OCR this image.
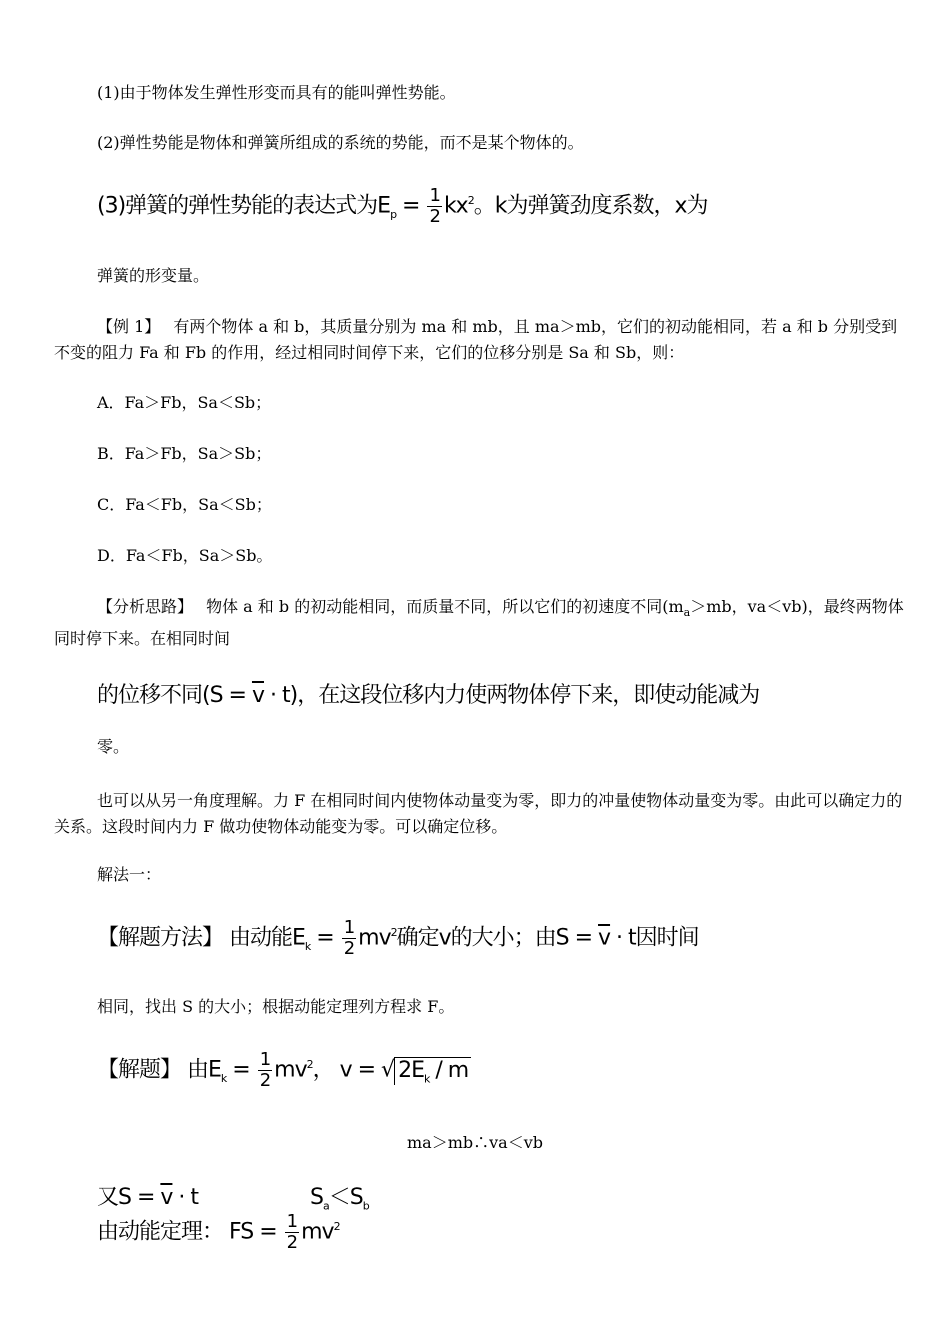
(1)由于物体发生弹性形变而具有的能叫弹性势能。
(2)弹性势能是物体和弹簧所组成的系统的势能，而不是某个物体的。
(3)弹簧的弹性势能的表达式为$E_p = \frac{1}{2} kx^2$。k为弹簧劲度系数，x为
弹簧的形变量。
【例 1】　 有两个物体 a 和 b，其质量分别为 ma 和 mb，且 ma＞mb，它们的初动能相同，若 a 和 b 分别受到不变的阻力 Fa 和 Fb 的作用，经过相同时间停下来，它们的位移分别是 Sa 和 Sb，则：
A．Fa＞Fb，Sa＜Sb；
B．Fa＞Fb，Sa＞Sb；
C．Fa＜Fb，Sa＜Sb；
D．Fa＜Fb，Sa＞Sb。
【分析思路】　 物体 a 和 b 的初动能相同，而质量不同，所以它们的初速度不同($m_a>mb$，va＜vb)，最终两物体同时停下来。在相同时间
的位移不同$(S = \overline{v} \cdot t)$，在这段位移内力使两物体停下来，即使动能减为
零。
也可以从另一角度理解。力 F 在相同时间内使物体动量变为零，即力的冲量使物体动量变为零。由此可以确定力的关系。这段时间内力 F 做功使物体动能变为零。可以确定位移。
解法一：
【解题方法】 由动能$E_k = \frac{1}{2} mv^2$确定v的大小；由$S = \overline{v} \cdot t$因时间
相同，找出 S 的大小；根据动能定理列方程求 F。
【解题】 由$E_k = \frac{1}{2} mv^2$， v = √ $2E_k$ / m
ma＞mb∴va＜vb
又$S = \overline{v} \cdot t$	$S_a<S_b$
由动能定理： FS = $\frac{1}{2} mv^2$
